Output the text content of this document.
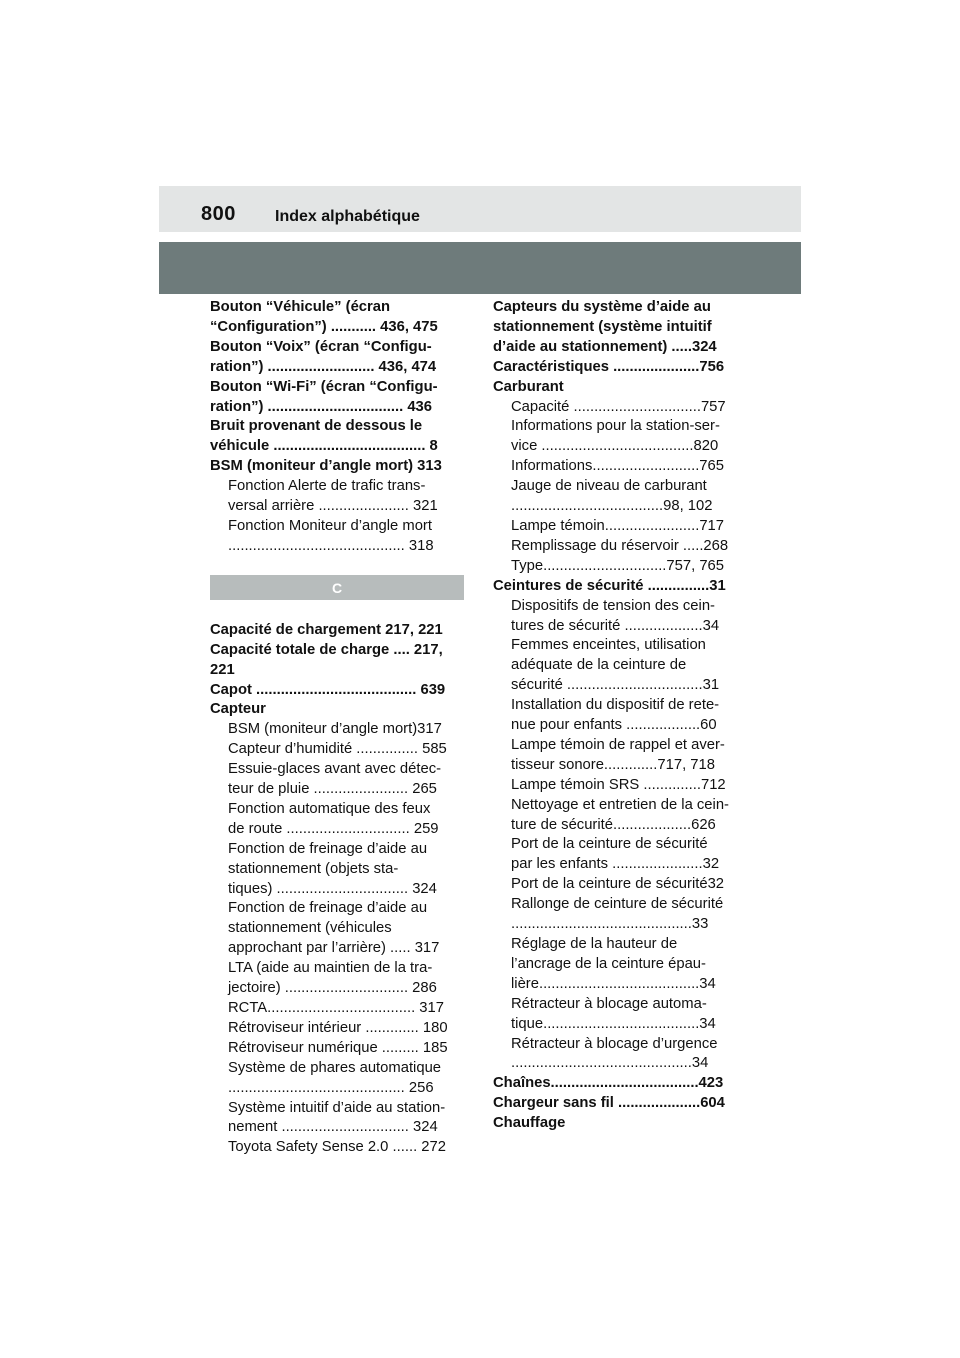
800 Index alphabétique
Bouton “Véhicule” (écran
“Configuration”) ........... 436, 475
Bouton “Voix” (écran “Configu-
ration”) .......................... 436, 474
Bouton “Wi-Fi” (écran “Configu-
ration”) ................................. 436
Bruit provenant de dessous le
véhicule ..................................... 8
BSM (moniteur d’angle mort) 313
Fonction Alerte de trafic trans-
versal arrière ...................... 321
Fonction Moniteur d’angle mort
........................................... 318
C
Capacité de chargement 217, 221
Capacité totale de charge .... 217,
221
Capot ....................................... 639
Capteur
BSM (moniteur d’angle mort)317
Capteur d’humidité ............... 585
Essuie-glaces avant avec détec-
teur de pluie ....................... 265
Fonction automatique des feux
de route .............................. 259
Fonction de freinage d’aide au
stationnement (objets sta-
tiques) ................................ 324
Fonction de freinage d’aide au
stationnement (véhicules
approchant par l’arrière) ..... 317
LTA (aide au maintien de la tra-
jectoire) .............................. 286
RCTA.................................... 317
Rétroviseur intérieur ............. 180
Rétroviseur numérique ......... 185
Système de phares automatique
........................................... 256
Système intuitif d’aide au station-
nement ............................... 324
Toyota Safety Sense 2.0 ...... 272
Capteurs du système d’aide au
stationnement (système intuitif
d’aide au stationnement) .....324
Caractéristiques .....................756
Carburant
Capacité ...............................757
Informations pour la station-ser-
vice .....................................820
Informations..........................765
Jauge de niveau de carburant
.....................................98, 102
Lampe témoin.......................717
Remplissage du réservoir .....268
Type..............................757, 765
Ceintures de sécurité ...............31
Dispositifs de tension des cein-
tures de sécurité ...................34
Femmes enceintes, utilisation
adéquate de la ceinture de
sécurité .................................31
Installation du dispositif de rete-
nue pour enfants ..................60
Lampe témoin de rappel et aver-
tisseur sonore.............717, 718
Lampe témoin SRS ..............712
Nettoyage et entretien de la cein-
ture de sécurité...................626
Port de la ceinture de sécurité
par les enfants ......................32
Port de la ceinture de sécurité32
Rallonge de ceinture de sécurité
............................................33
Réglage de la hauteur de
l’ancrage de la ceinture épau-
lière.......................................34
Rétracteur à blocage automa-
tique......................................34
Rétracteur à blocage d’urgence
............................................34
Chaînes....................................423
Chargeur sans fil ....................604
Chauffage
